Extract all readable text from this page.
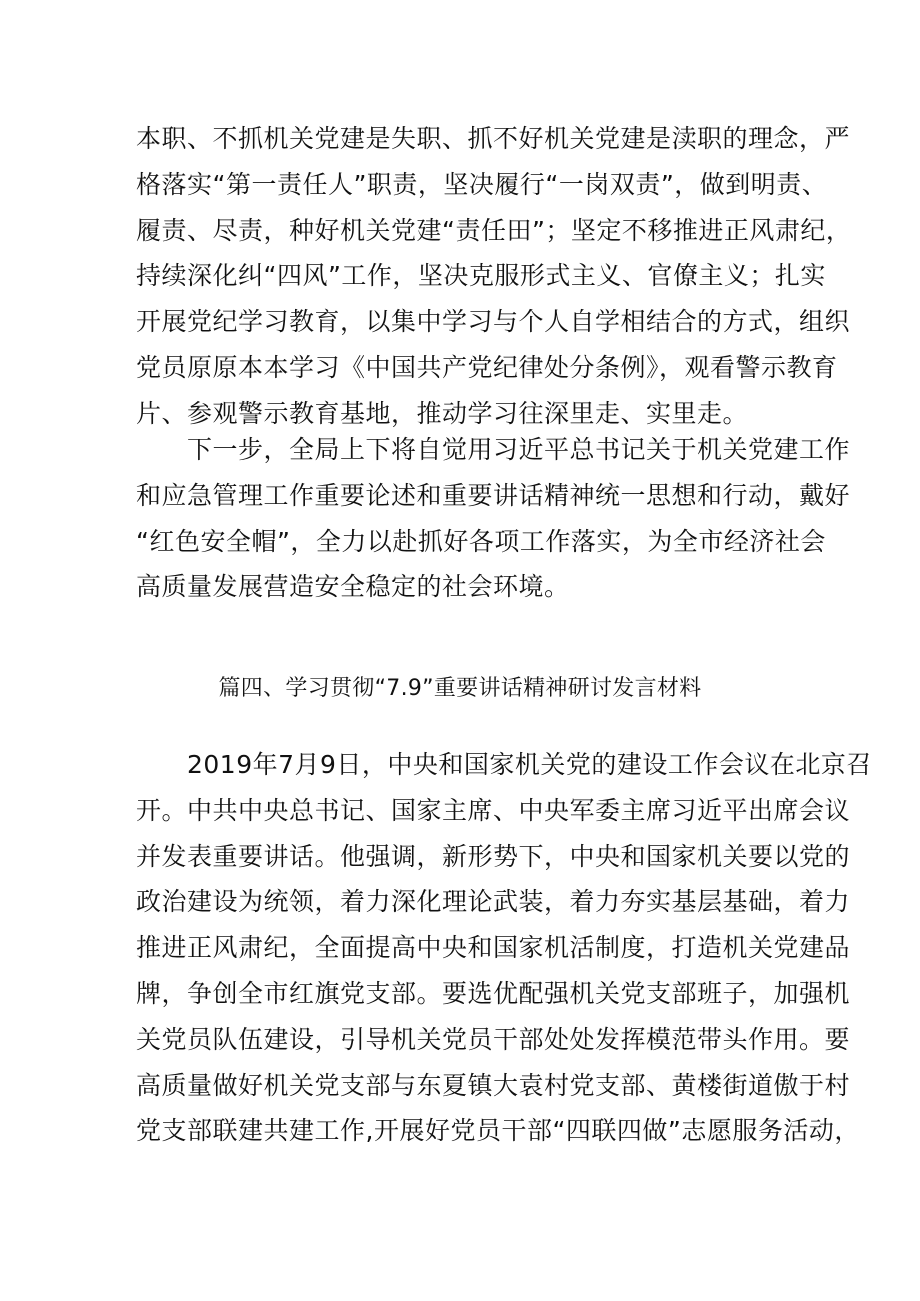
本职、不抓机关党建是失职、抓不好机关党建是渎职的理念，严
格落实“第一责任人”职责，坚决履行“一岗双责”，做到明责、
履责、尽责，种好机关党建“责任田”；坚定不移推进正风肃纪，
持续深化纠“四风”工作，坚决克服形式主义、官僚主义；扎实
开展党纪学习教育，以集中学习与个人自学相结合的方式，组织
党员原原本本学习《中国共产党纪律处分条例》，观看警示教育
片、参观警示教育基地，推动学习往深里走、实里走。

　　下一步，全局上下将自觉用习近平总书记关于机关党建工作
和应急管理工作重要论述和重要讲话精神统一思想和行动，戴好
“红色安全帽”，全力以赴抓好各项工作落实，为全市经济社会
高质量发展营造安全稳定的社会环境。

篇四、学习贯彻“7.9”重要讲话精神研讨发言材料

　　2019年7月9日，中央和国家机关党的建设工作会议在北京召
开。中共中央总书记、国家主席、中央军委主席习近平出席会议
并发表重要讲话。他强调，新形势下，中央和国家机关要以党的
政治建设为统领，着力深化理论武装，着力夯实基层基础，着力
推进正风肃纪，全面提高中央和国家机活制度，打造机关党建品
牌，争创全市红旗党支部。要选优配强机关党支部班子，加强机
关党员队伍建设，引导机关党员干部处处发挥模范带头作用。要
高质量做好机关党支部与东夏镇大袁村党支部、黄楼街道傲于村
党支部联建共建工作,开展好党员干部“四联四做”志愿服务活动，
